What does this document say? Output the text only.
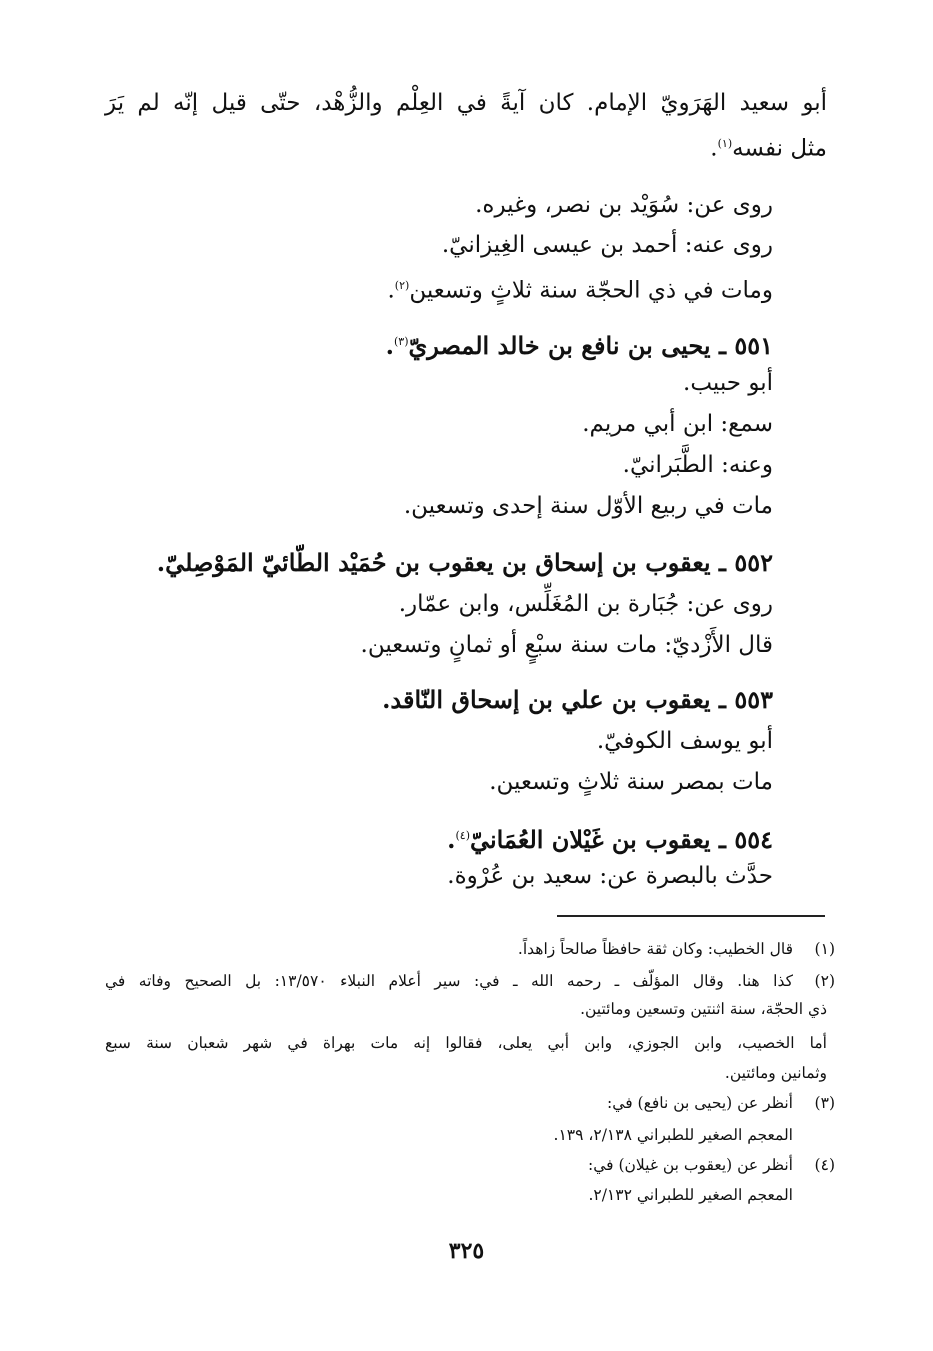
أبو سعيد الهَرَويّ الإمام. كان آيةً في العِلْم والزُّهْد، حتّى قيل إنّه لم يَرَ
مثل نفسه$^{(١)}$.
روى عن: سُوَيْد بن نصر، وغيره.
روى عنه: أحمد بن عيسى الغِيزانيّ.
ومات في ذي الحجّة سنة ثلاثٍ وتسعين$^{(٢)}$.
٥٥١ ـ يحيى بن نافع بن خالد المصريّ$^{(٣)}$.
أبو حبيب.
سمع: ابن أبي مريم.
وعنه: الطَّبَرانيّ.
مات في ربيع الأوّل سنة إحدى وتسعين.
٥٥٢ ـ يعقوب بن إسحاق بن يعقوب بن حُمَيْد الطّائيّ المَوْصِليّ.
روى عن: جُبَارة بن المُغَلِّس، وابن عمّار.
قال الأَزْديّ: مات سنة سبْعٍ أو ثمانٍ وتسعين.
٥٥٣ ـ يعقوب بن علي بن إسحاق النّاقد.
أبو يوسف الكوفيّ.
مات بمصر سنة ثلاثٍ وتسعين.
٥٥٤ ـ يعقوب بن غَيْلان العُمَانيّ$^{(٤)}$.
حدَّث بالبصرة عن: سعيد بن عُرْوة.
(١)
قال الخطيب: وكان ثقة حافظاً صالحاً زاهداً.
(٢)
كذا هنا. وقال المؤلّف ـ رحمه الله ـ في: سير أعلام النبلاء ١٣/٥٧٠: بل الصحيح وفاته في
ذي الحجّة، سنة اثنتين وتسعين ومائتين.
أما الخصيب، وابن الجوزي، وابن أبي يعلى، فقالوا إنه مات بهراة في شهر شعبان سنة سبع
وثمانين ومائتين.
(٣)
أنظر عن (يحيى بن نافع) في:
المعجم الصغير للطبراني ٢/١٣٨، ١٣٩.
(٤)
أنظر عن (يعقوب بن غيلان) في:
المعجم الصغير للطبراني ٢/١٣٢.
٣٢٥
